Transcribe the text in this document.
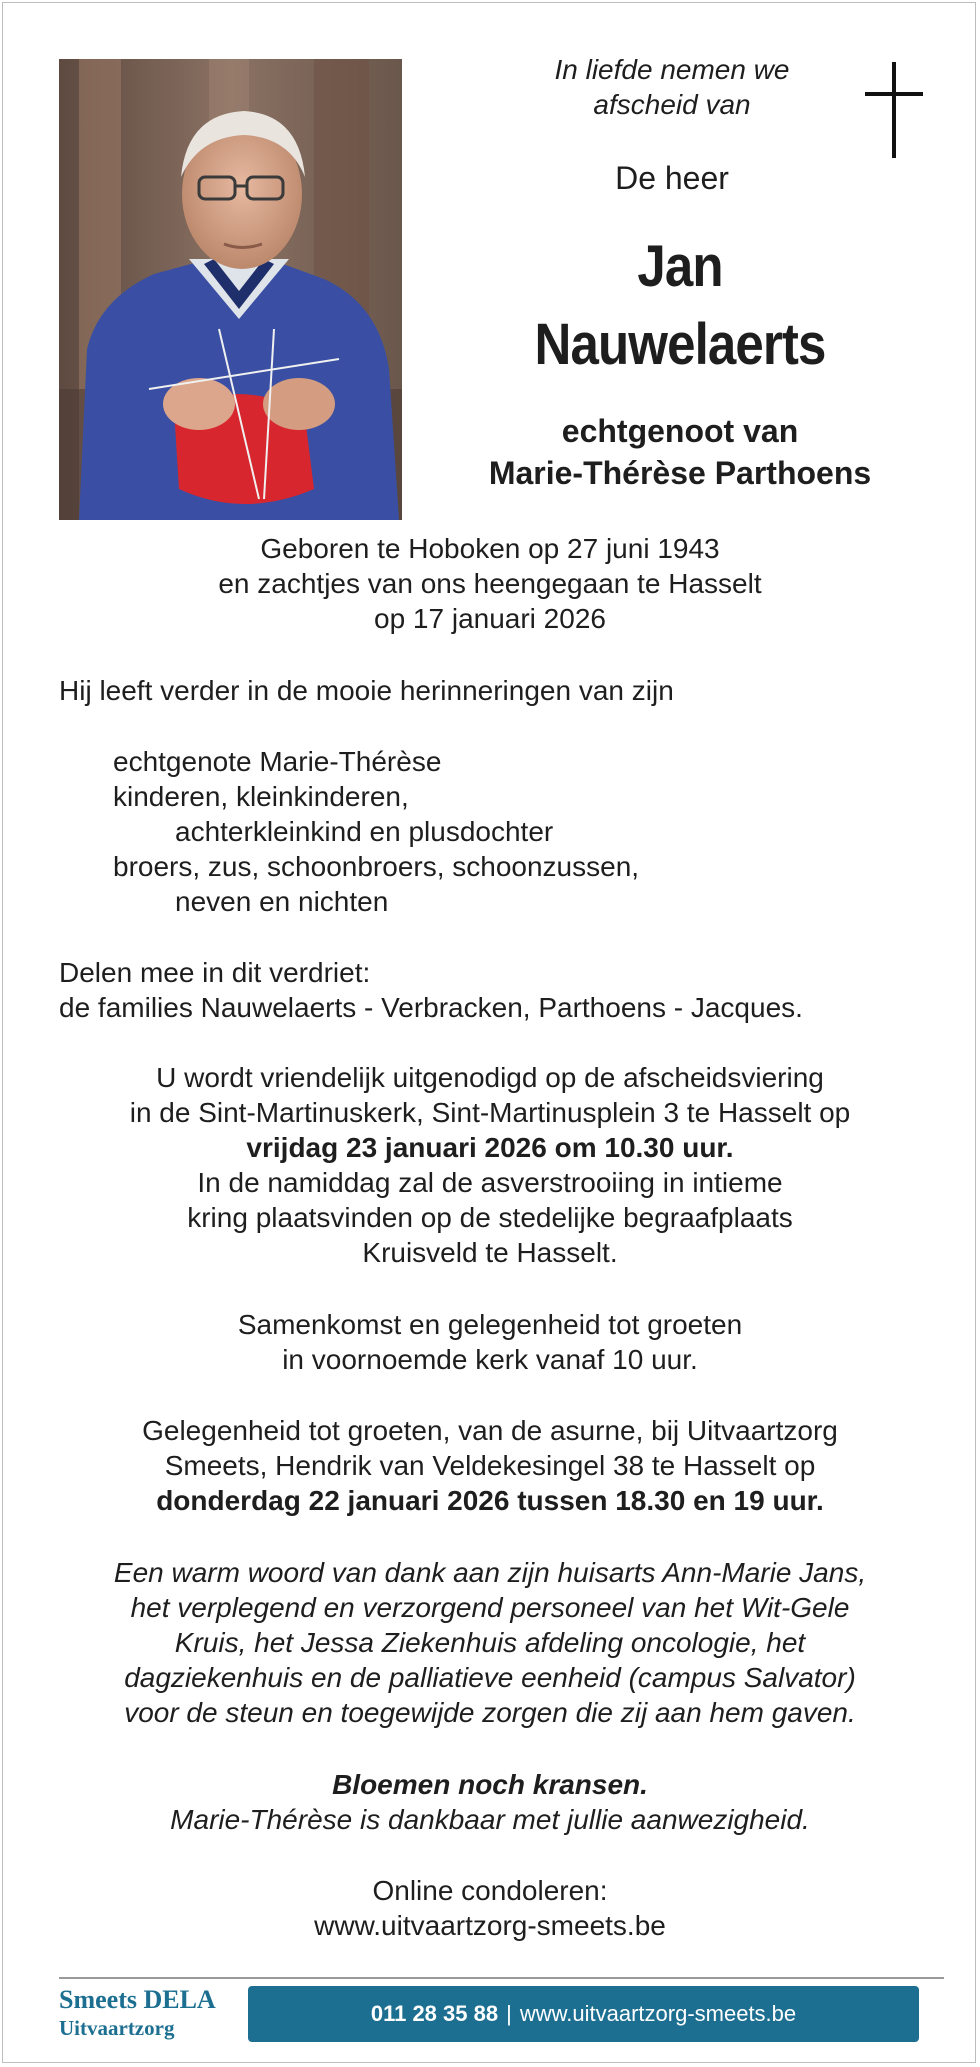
In liefde nemen we
afscheid van
De heer
Jan
Nauwelaerts
echtgenoot van
Marie-Thérèse Parthoens
Geboren te Hoboken op 27 juni 1943
en zachtjes van ons heengegaan te Hasselt
op 17 januari 2026
Hij leeft verder in de mooie herinneringen van zijn
echtgenote Marie-Thérèse
kinderen, kleinkinderen,
achterkleinkind en plusdochter
broers, zus, schoonbroers, schoonzussen,
neven en nichten
Delen mee in dit verdriet:
de families Nauwelaerts - Verbracken, Parthoens - Jacques.
U wordt vriendelijk uitgenodigd op de afscheidsviering
in de Sint-Martinuskerk, Sint-Martinusplein 3 te Hasselt op
vrijdag 23 januari 2026 om 10.30 uur.
In de namiddag zal de asverstrooiing in intieme
kring plaatsvinden op de stedelijke begraafplaats
Kruisveld te Hasselt.
Samenkomst en gelegenheid tot groeten
in voornoemde kerk vanaf 10 uur.
Gelegenheid tot groeten, van de asurne, bij Uitvaartzorg
Smeets, Hendrik van Veldekesingel 38 te Hasselt op
donderdag 22 januari 2026 tussen 18.30 en 19 uur.
Een warm woord van dank aan zijn huisarts Ann-Marie Jans,
het verplegend en verzorgend personeel van het Wit-Gele
Kruis, het Jessa Ziekenhuis afdeling oncologie, het
dagziekenhuis en de palliatieve eenheid (campus Salvator)
voor de steun en toegewijde zorgen die zij aan hem gaven.
Bloemen noch kransen.
Marie-Thérèse is dankbaar met jullie aanwezigheid.
Online condoleren:
www.uitvaartzorg-smeets.be
Smeets DELA
Uitvaartzorg
011 28 35 88 | www.uitvaartzorg-smeets.be
